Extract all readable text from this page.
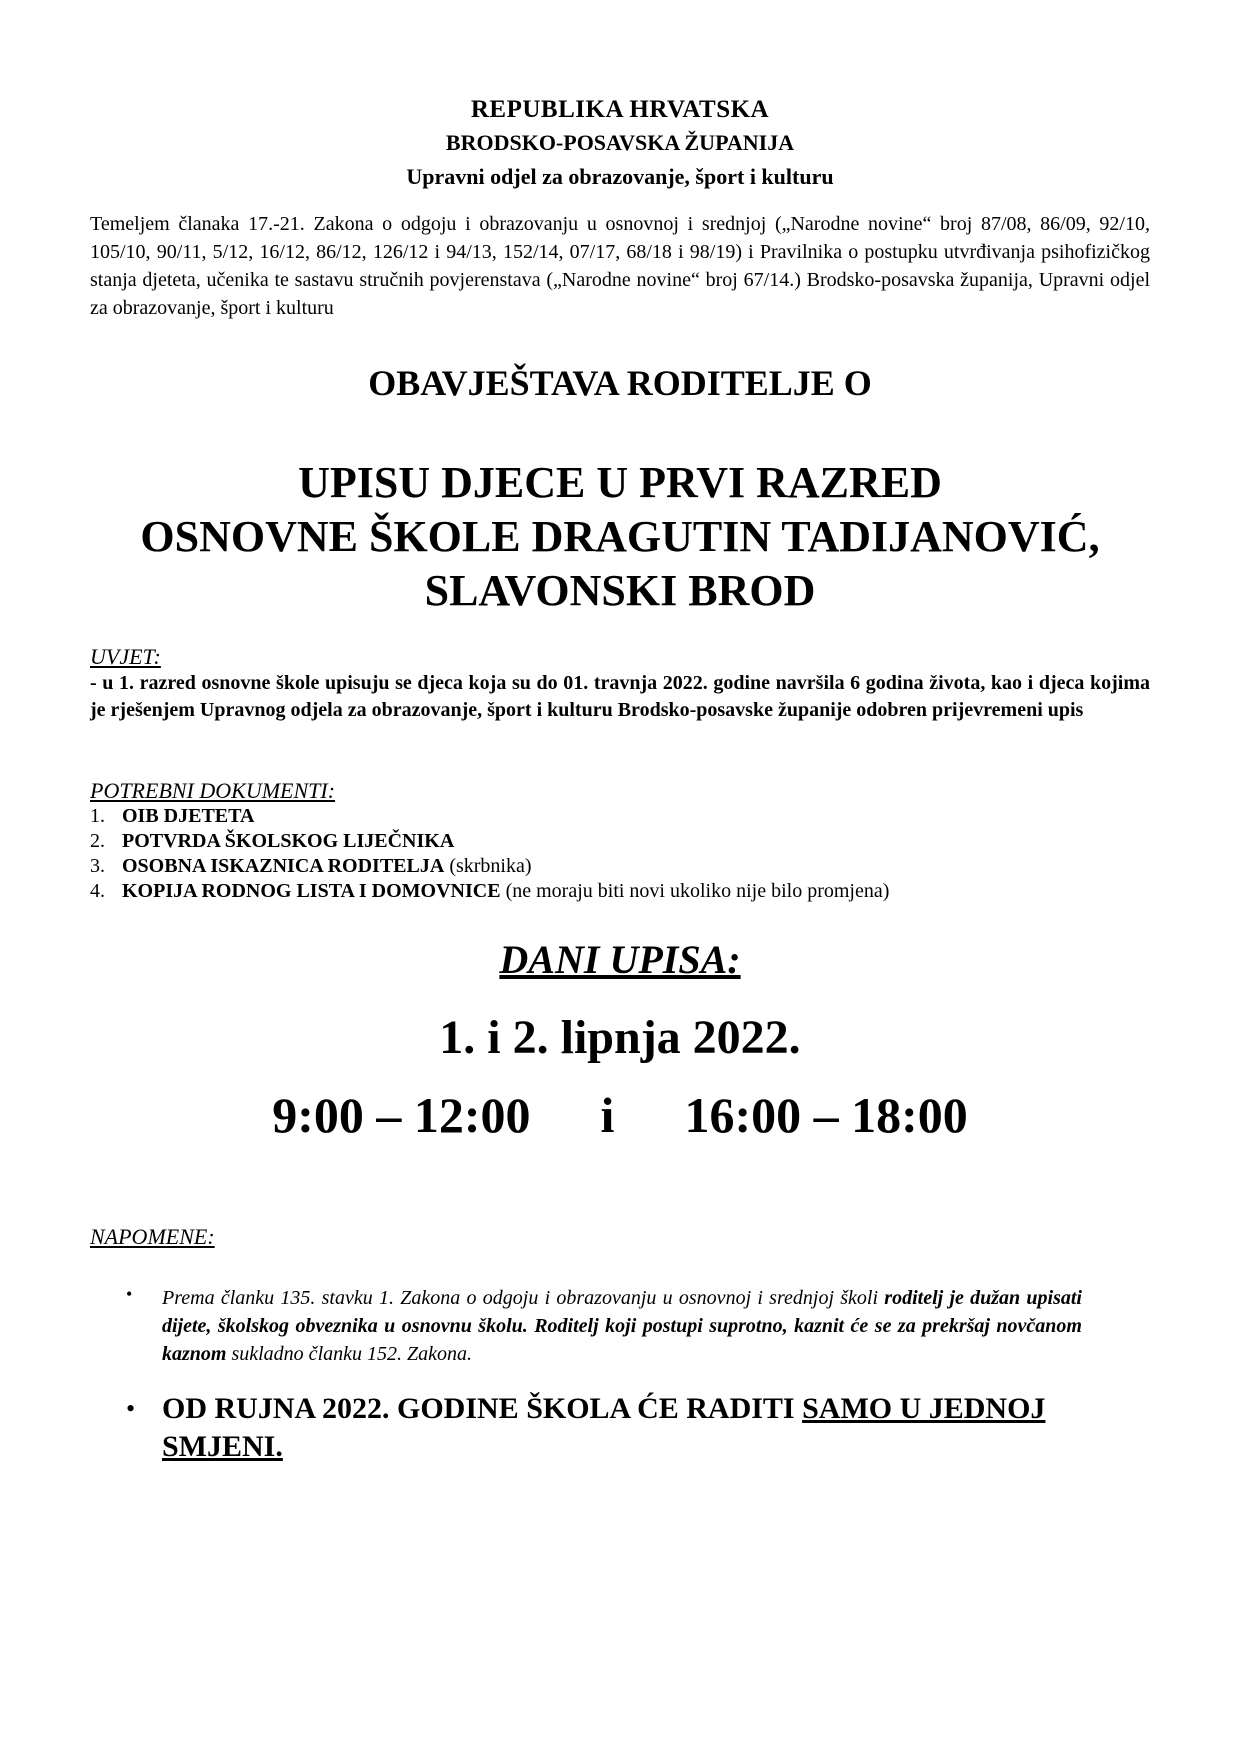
REPUBLIKA HRVATSKA
BRODSKO-POSAVSKA ŽUPANIJA
Upravni odjel za obrazovanje, šport i kulturu
Temeljem članaka 17.-21. Zakona o odgoju i obrazovanju u osnovnoj i srednjoj („Narodne novine“ broj 87/08, 86/09, 92/10, 105/10, 90/11, 5/12, 16/12, 86/12, 126/12 i 94/13, 152/14, 07/17, 68/18 i 98/19) i Pravilnika o postupku utvrđivanja psihofizičkog stanja djeteta, učenika te sastavu stručnih povjerenstava („Narodne novine“ broj 67/14.) Brodsko-posavska županija, Upravni odjel za obrazovanje, šport i kulturu
OBAVJEŠTAVA RODITELJE O
UPISU DJECE U PRVI RAZRED
OSNOVNE ŠKOLE DRAGUTIN TADIJANOVIĆ,
SLAVONSKI BROD
UVJET:
- u 1. razred osnovne škole upisuju se djeca koja su do 01. travnja 2022. godine navršila 6 godina života, kao i djeca kojima je rješenjem Upravnog odjela za obrazovanje, šport i kulturu Brodsko-posavske županije odobren prijevremeni upis
POTREBNI DOKUMENTI:
1. OIB DJETETA
2. POTVRDA ŠKOLSKOG LIJEČNIKA
3. OSOBNA ISKAZNICA RODITELJA (skrbnika)
4. KOPIJA RODNOG LISTA I DOMOVNICE (ne moraju biti novi ukoliko nije bilo promjena)
DANI UPISA:
1. i 2. lipnja 2022.
9:00 – 12:00 i 16:00 – 18:00
NAPOMENE:
•	Prema članku 135. stavku 1. Zakona o odgoju i obrazovanju u osnovnoj i srednjoj školi roditelj je dužan upisati dijete, školskog obveznika u osnovnu školu. Roditelj koji postupi suprotno, kaznit će se za prekršaj novčanom kaznom sukladno članku 152. Zakona.
• OD RUJNA 2022. GODINE ŠKOLA ĆE RADITI SAMO U JEDNOJ SMJENI.
